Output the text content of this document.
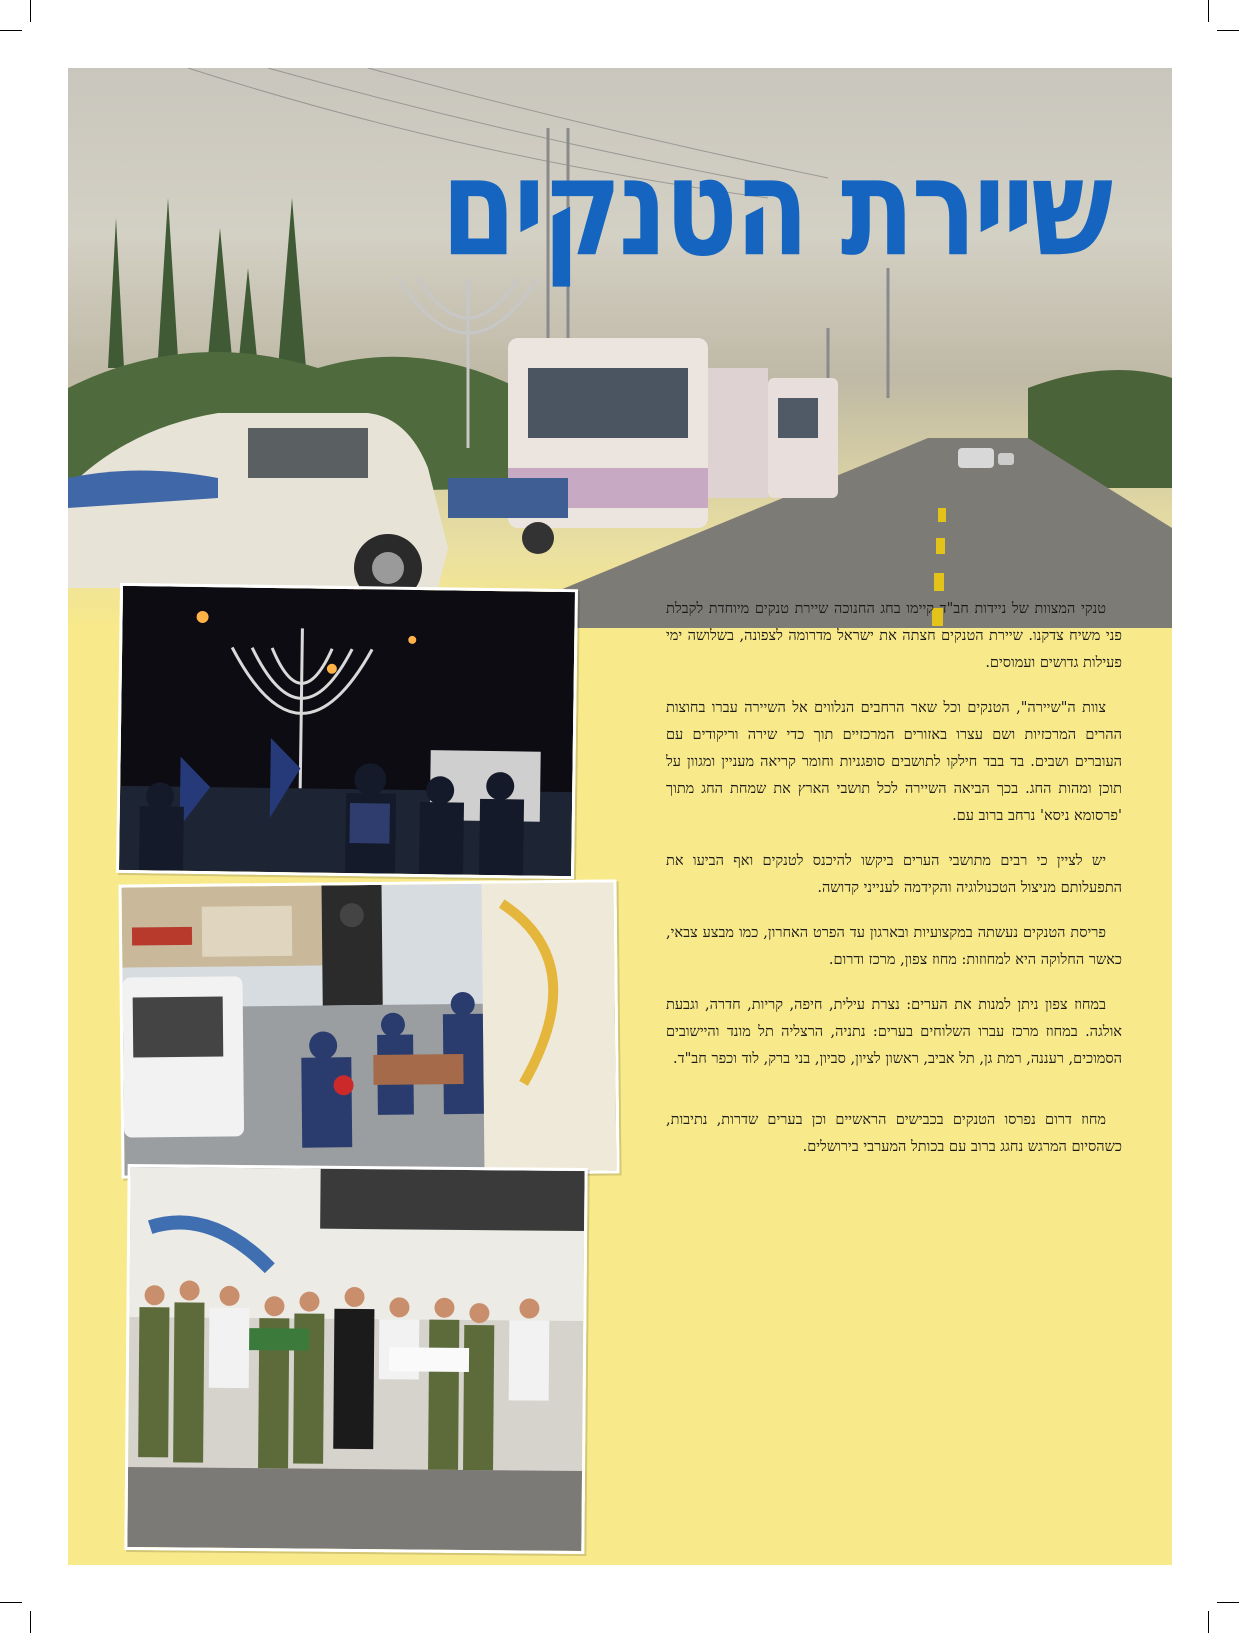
שיירת הטנקים

טנקי המצוות של ניידות חב"ד קיימו בחג החנוכה שיירת טנקים מיוחדת לקבלת פני משיח צדקנו. שיירת הטנקים חצתה את ישראל מדרומה לצפונה, בשלושה ימי פעילות גדושים ועמוסים.

צוות ה"שיירה", הטנקים וכל שאר הרחבים הנלווים אל השיירה עברו בחוצות ההרים המרכזיות ושם עצרו באזורים המרכזיים תוך כדי שירה וריקודים עם העוברים ושבים. בד בבד חילקו לתושבים סופגניות וחומר קריאה מעניין ומגוון על תוכן ומהות החג. בכך הביאה השיירה לכל תושבי הארץ את שמחת החג מתוך 'פרסומא ניסא' נרחב ברוב עם.

יש לציין כי רבים מתושבי הערים ביקשו להיכנס לטנקים ואף הביעו את התפעלותם מניצול הטכנולוגיה והקידמה לענייני קדושה.

פריסת הטנקים נעשתה במקצועיות ובארגון עד הפרט האחרון, כמו מבצע צבאי, כאשר החלוקה היא למחוזות: מחוז צפון, מרכז ודרום.

במחוז צפון ניתן למנות את הערים: נצרת עילית, חיפה, קריות, חדרה, וגבעת אולגה. במחוז מרכז עברו השלוחים בערים: נתניה, הרצליה תל מונד והיישובים הסמוכים, רעננה, רמת גן, תל אביב, ראשון לציון, סביון, בני ברק, לוד וכפר חב"ד.

מחוז דרום נפרסו הטנקים בכבישים הראשיים וכן בערים שדרות, נתיבות, כשהסיום המרגש נחגג ברוב עם בכותל המערבי בירושלים.
